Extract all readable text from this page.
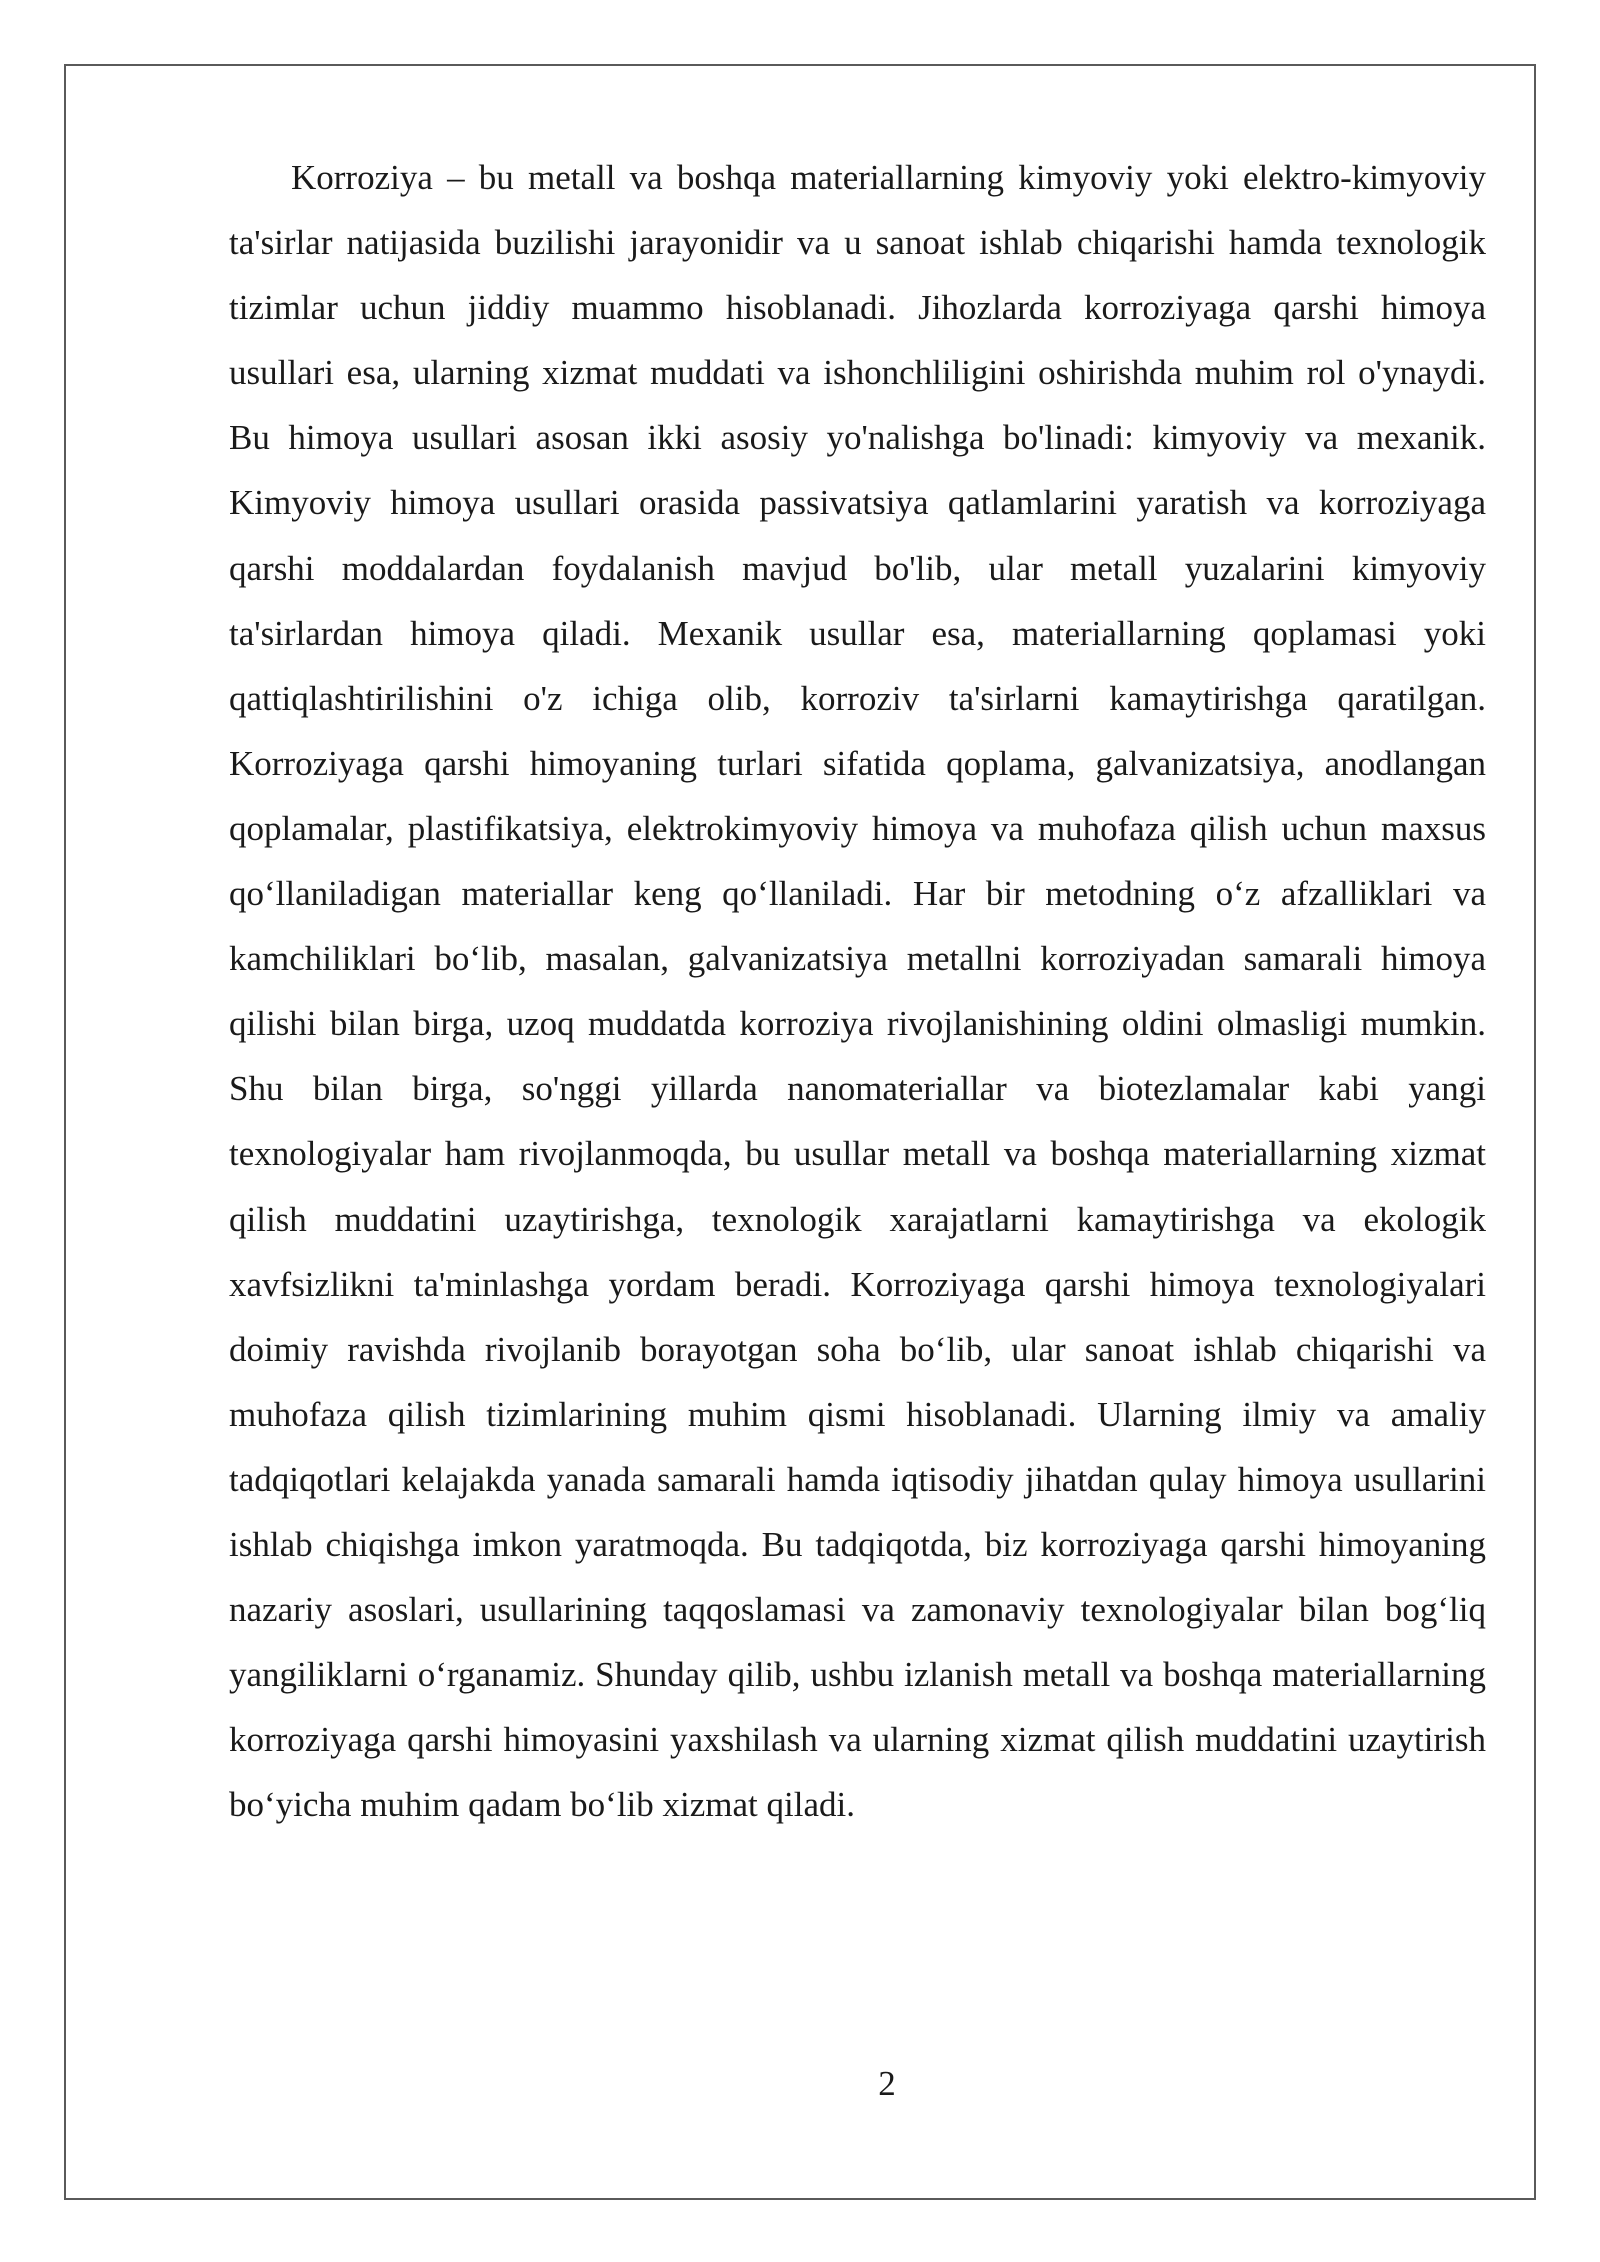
Korroziya – bu metall va boshqa materiallarning kimyoviy yoki elektro-kimyoviy ta'sirlar natijasida buzilishi jarayonidir va u sanoat ishlab chiqarishi hamda texnologik tizimlar uchun jiddiy muammo hisoblanadi. Jihozlarda korroziyaga qarshi himoya usullari esa, ularning xizmat muddati va ishonchliligini oshirishda muhim rol o'ynaydi. Bu himoya usullari asosan ikki asosiy yo'nalishga bo'linadi: kimyoviy va mexanik. Kimyoviy himoya usullari orasida passivatsiya qatlamlarini yaratish va korroziyaga qarshi moddalardan foydalanish mavjud bo'lib, ular metall yuzalarini kimyoviy ta'sirlardan himoya qiladi. Mexanik usullar esa, materiallarning qoplamasi yoki qattiqlashtirilishini o'z ichiga olib, korroziv ta'sirlarni kamaytirishga qaratilgan. Korroziyaga qarshi himoyaning turlari sifatida qoplama, galvanizatsiya, anodlangan qoplamalar, plastifikatsiya, elektrokimyoviy himoya va muhofaza qilish uchun maxsus qo‘llaniladigan materiallar keng qo‘llaniladi. Har bir metodning o‘z afzalliklari va kamchiliklari bo‘lib, masalan, galvanizatsiya metallni korroziyadan samarali himoya qilishi bilan birga, uzoq muddatda korroziya rivojlanishining oldini olmasligi mumkin. Shu bilan birga, so'nggi yillarda nanomateriallar va biotezlamalar kabi yangi texnologiyalar ham rivojlanmoqda, bu usullar metall va boshqa materiallarning xizmat qilish muddatini uzaytirishga, texnologik xarajatlarni kamaytirishga va ekologik xavfsizlikni ta'minlashga yordam beradi. Korroziyaga qarshi himoya texnologiyalari doimiy ravishda rivojlanib borayotgan soha bo‘lib, ular sanoat ishlab chiqarishi va muhofaza qilish tizimlarining muhim qismi hisoblanadi. Ularning ilmiy va amaliy tadqiqotlari kelajakda yanada samarali hamda iqtisodiy jihatdan qulay himoya usullarini ishlab chiqishga imkon yaratmoqda. Bu tadqiqotda, biz korroziyaga qarshi himoyaning nazariy asoslari, usullarining taqqoslamasi va zamonaviy texnologiyalar bilan bog‘liq yangiliklarni o‘rganamiz. Shunday qilib, ushbu izlanish metall va boshqa materiallarning korroziyaga qarshi himoyasini yaxshilash va ularning xizmat qilish muddatini uzaytirish bo‘yicha muhim qadam bo‘lib xizmat qiladi.

2
